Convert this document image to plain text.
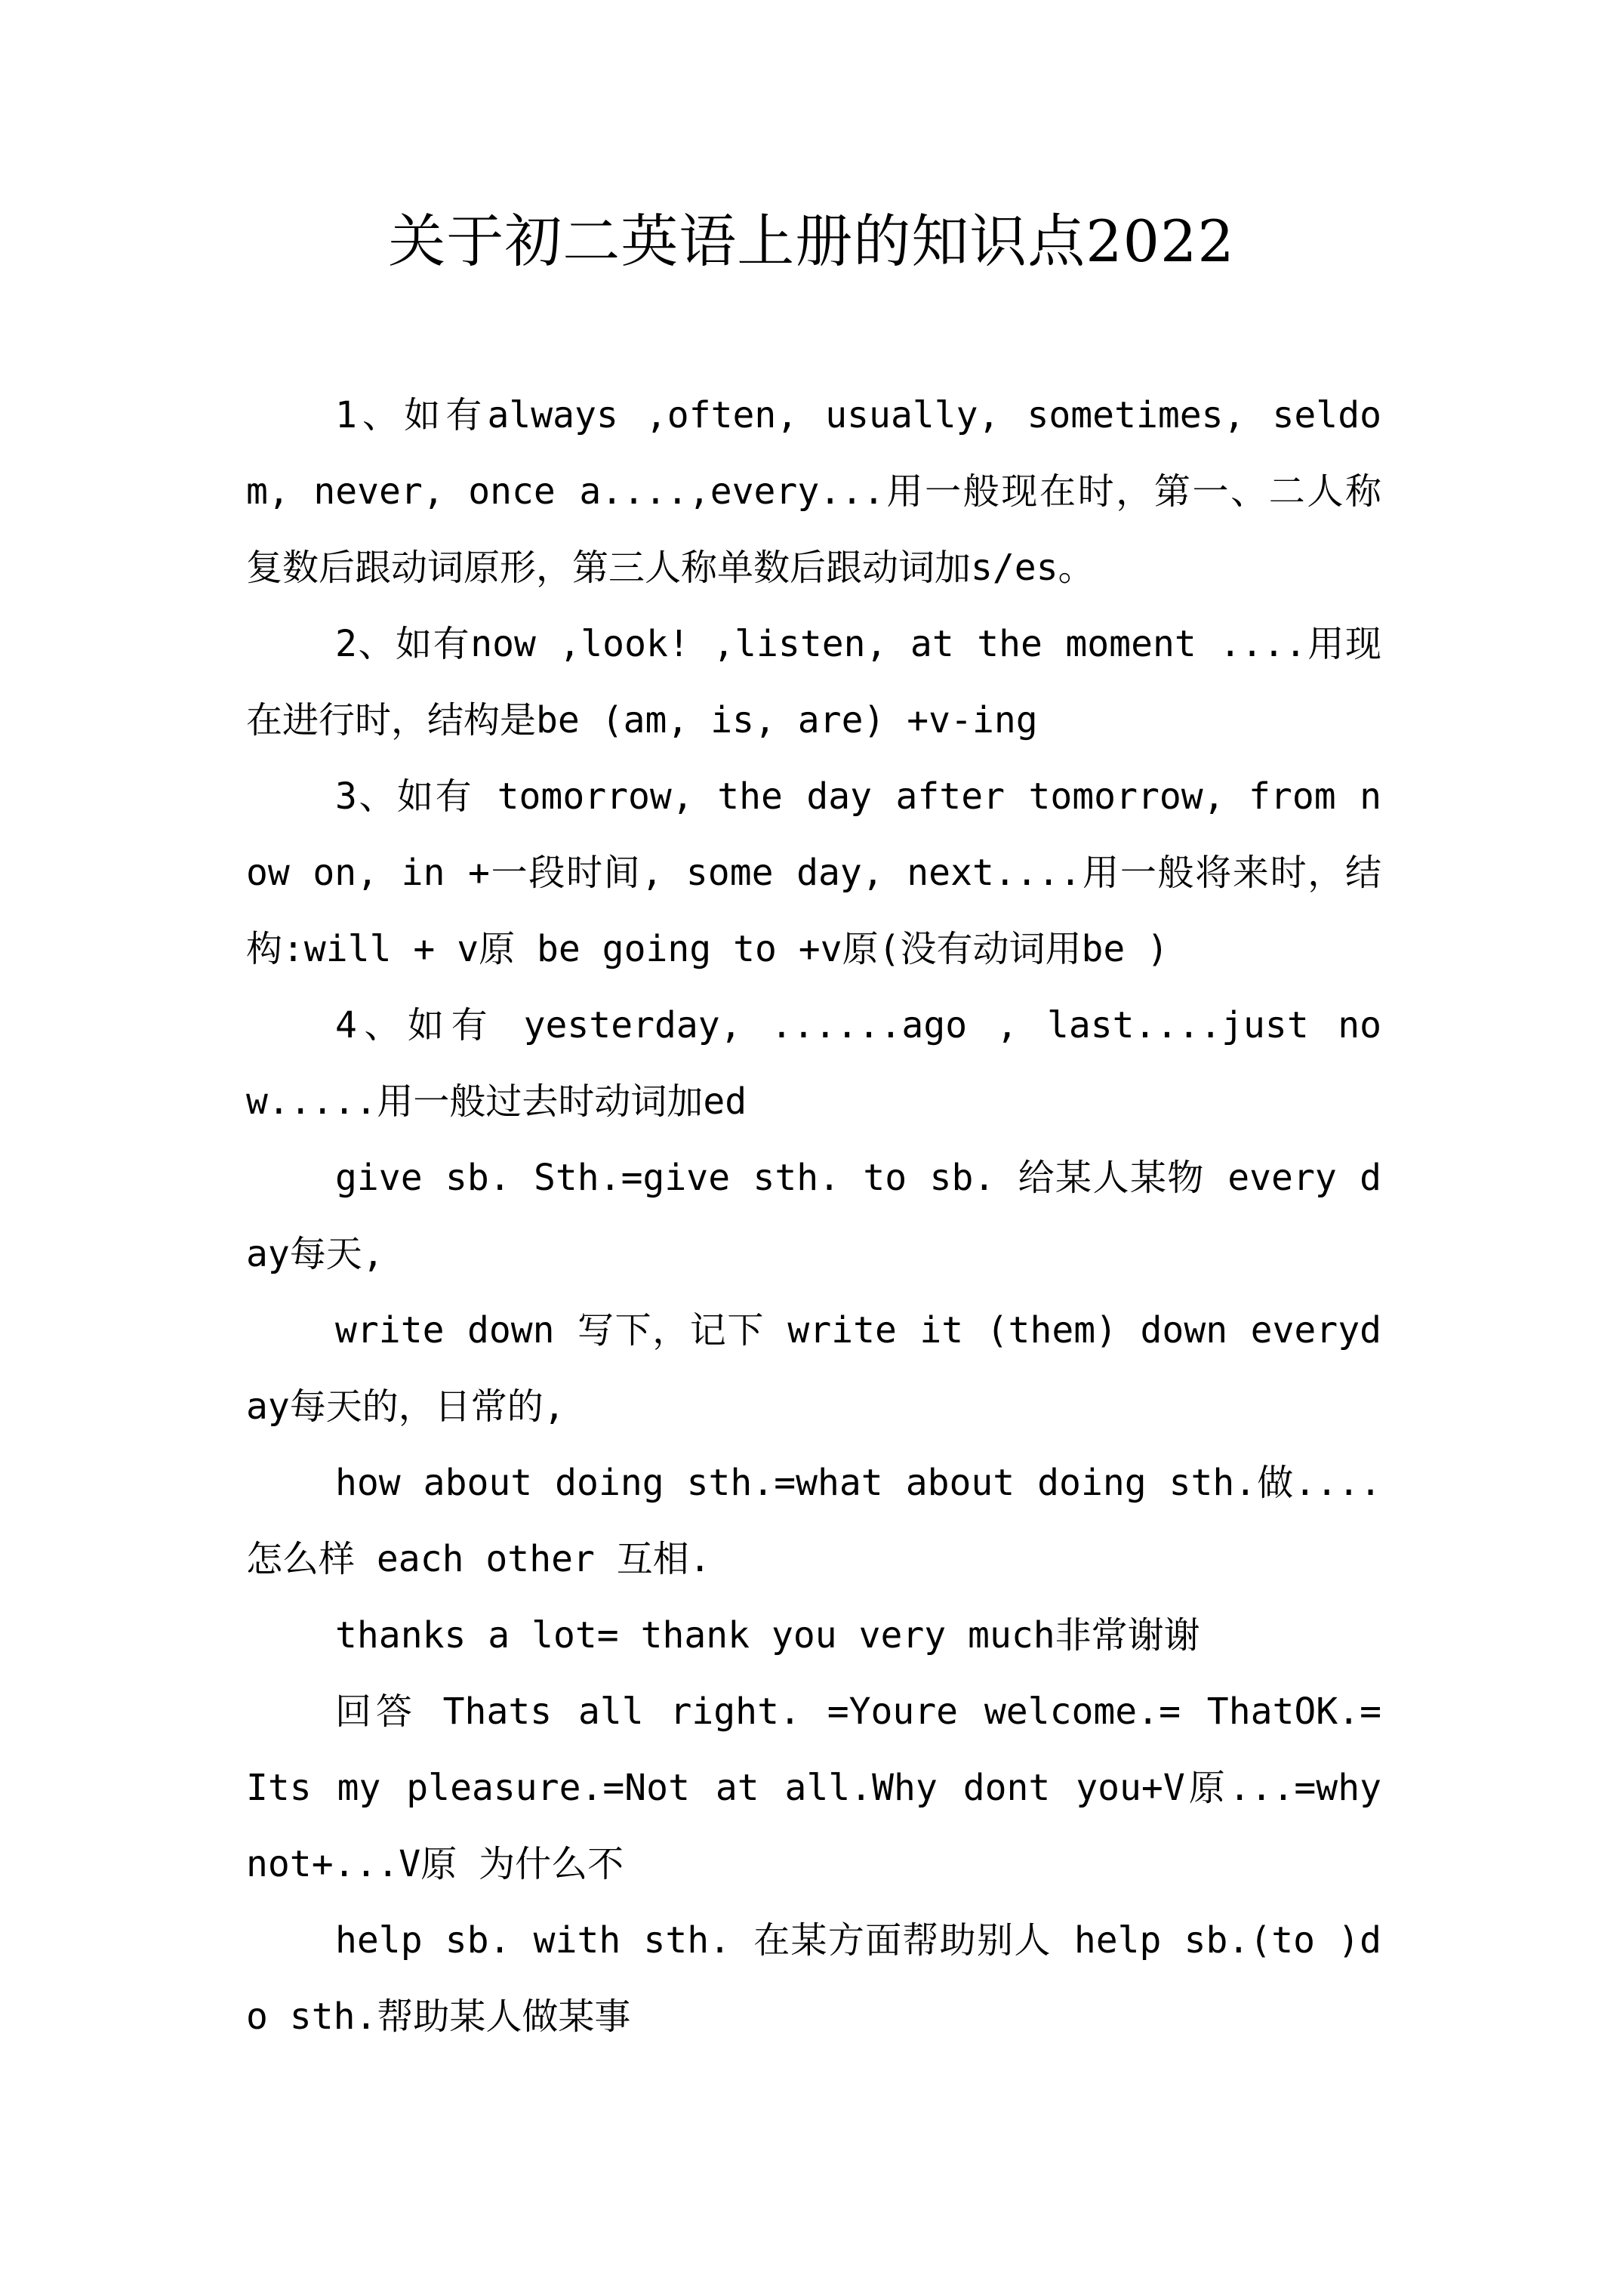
关于初二英语上册的知识点2022

1、如有always ,often, usually, sometimes, seldom, never, once a....,every...用一般现在时，第一、二人称复数后跟动词原形，第三人称单数后跟动词加s/es。

2、如有now ,look! ,listen, at the moment ....用现在进行时，结构是be (am, is, are) +v-ing

3、如有 tomorrow, the day after tomorrow, from now on, in +一段时间, some day, next....用一般将来时，结构:will + v原 be going to +v原(没有动词用be )

4、如有 yesterday, ......ago , last....just now.....用一般过去时动词加ed

give sb. Sth.=give sth. to sb. 给某人某物 every day每天,

write down 写下，记下 write it (them) down everyday每天的，日常的,

how about doing sth.=what about doing sth.做....怎么样 each other 互相.

thanks a lot= thank you very much非常谢谢

回答 Thats all right. =Youre welcome.= ThatOK.= Its my pleasure.=Not at all.Why dont you+V原...=why not+...V原 为什么不

help sb. with sth. 在某方面帮助别人 help sb.(to )do sth.帮助某人做某事
